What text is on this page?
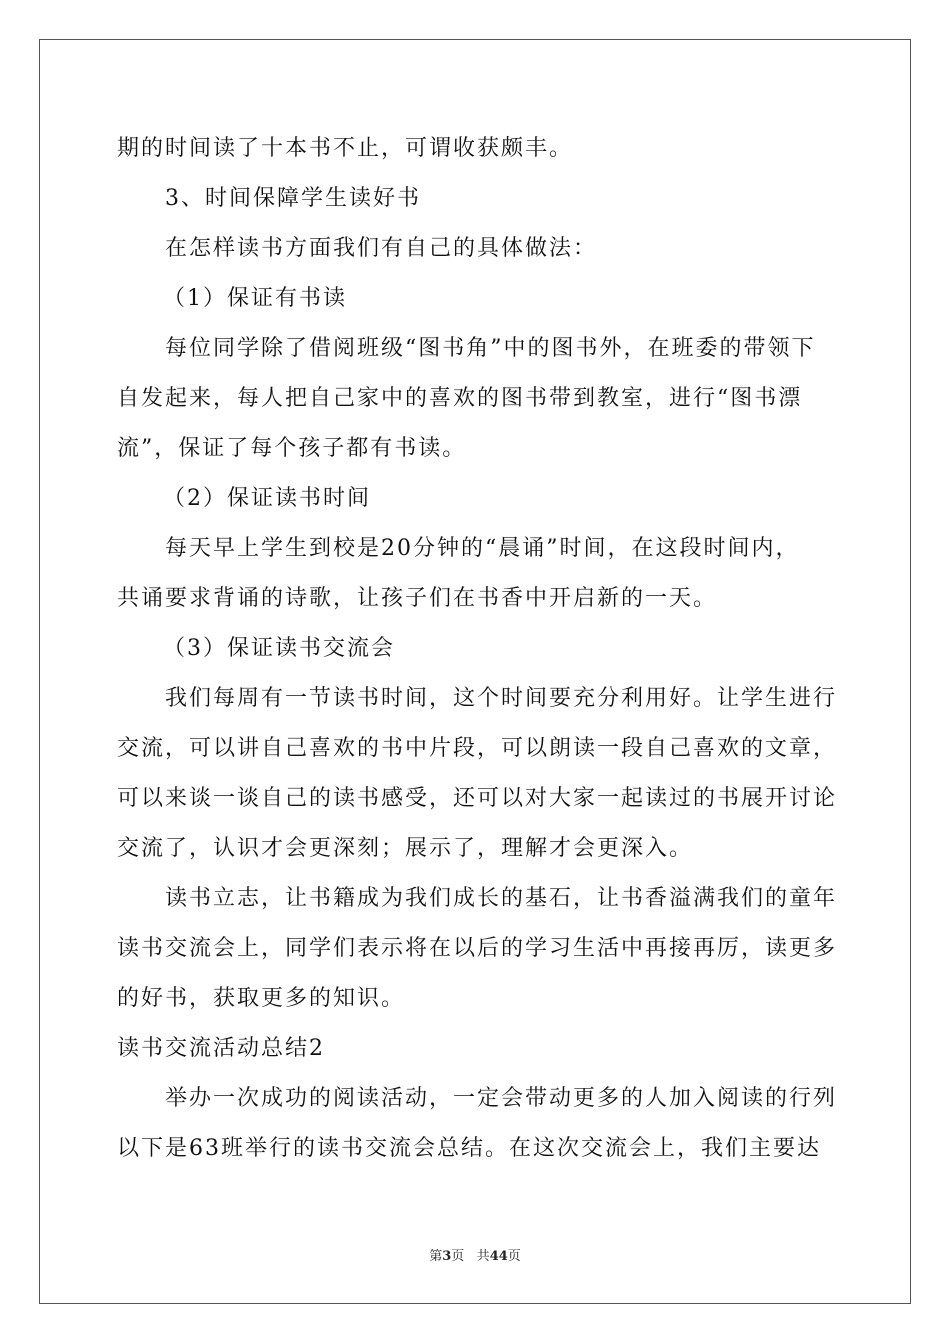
期的时间读了十本书不止，可谓收获颇丰。
3、时间保障学生读好书
在怎样读书方面我们有自己的具体做法：
（1）保证有书读
每位同学除了借阅班级“图书角”中的图书外，在班委的带领下
自发起来，每人把自己家中的喜欢的图书带到教室，进行“图书漂
流”，保证了每个孩子都有书读。
（2）保证读书时间
每天早上学生到校是20分钟的“晨诵”时间，在这段时间内，
共诵要求背诵的诗歌，让孩子们在书香中开启新的一天。
（3）保证读书交流会
我们每周有一节读书时间，这个时间要充分利用好。让学生进行
交流，可以讲自己喜欢的书中片段，可以朗读一段自己喜欢的文章，
可以来谈一谈自己的读书感受，还可以对大家一起读过的书展开讨论
交流了，认识才会更深刻；展示了，理解才会更深入。
读书立志，让书籍成为我们成长的基石，让书香溢满我们的童年
读书交流会上，同学们表示将在以后的学习生活中再接再厉，读更多
的好书，获取更多的知识。
读书交流活动总结2
举办一次成功的阅读活动，一定会带动更多的人加入阅读的行列
以下是63班举行的读书交流会总结。在这次交流会上，我们主要达
第3页 共44页
